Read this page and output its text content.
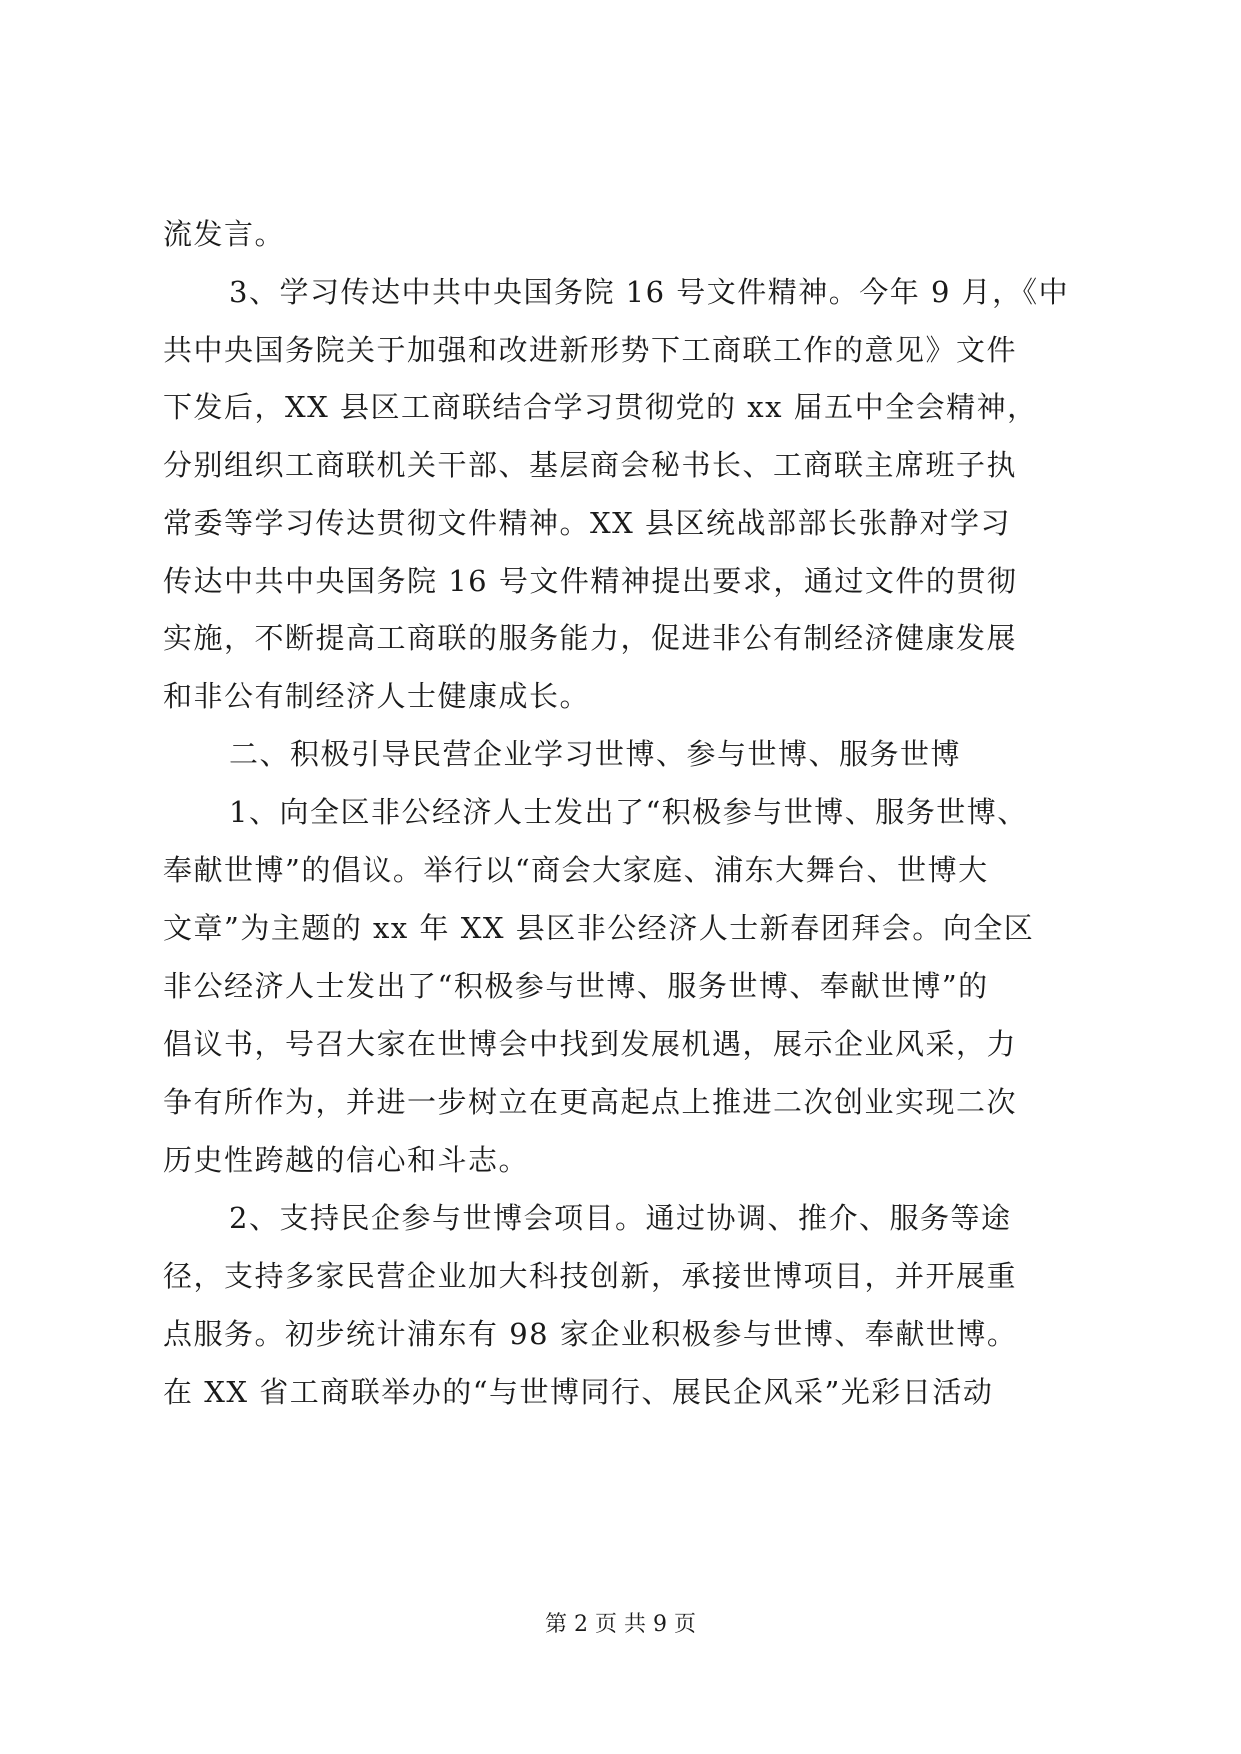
流发言。
3、学习传达中共中央国务院 16 号文件精神。今年 9 月，《中
共中央国务院关于加强和改进新形势下工商联工作的意见》文件
下发后，XX 县区工商联结合学习贯彻党的 xx 届五中全会精神，
分别组织工商联机关干部、基层商会秘书长、工商联主席班子执
常委等学习传达贯彻文件精神。XX 县区统战部部长张静对学习
传达中共中央国务院 16 号文件精神提出要求，通过文件的贯彻
实施，不断提高工商联的服务能力，促进非公有制经济健康发展
和非公有制经济人士健康成长。
二、积极引导民营企业学习世博、参与世博、服务世博
1、向全区非公经济人士发出了“积极参与世博、服务世博、
奉献世博”的倡议。举行以“商会大家庭、浦东大舞台、世博大
文章”为主题的 xx 年 XX 县区非公经济人士新春团拜会。向全区
非公经济人士发出了“积极参与世博、服务世博、奉献世博”的
倡议书，号召大家在世博会中找到发展机遇，展示企业风采，力
争有所作为，并进一步树立在更高起点上推进二次创业实现二次
历史性跨越的信心和斗志。
2、支持民企参与世博会项目。通过协调、推介、服务等途
径，支持多家民营企业加大科技创新，承接世博项目，并开展重
点服务。初步统计浦东有 98 家企业积极参与世博、奉献世博。
在 XX 省工商联举办的“与世博同行、展民企风采”光彩日活动
第 2 页 共 9 页
